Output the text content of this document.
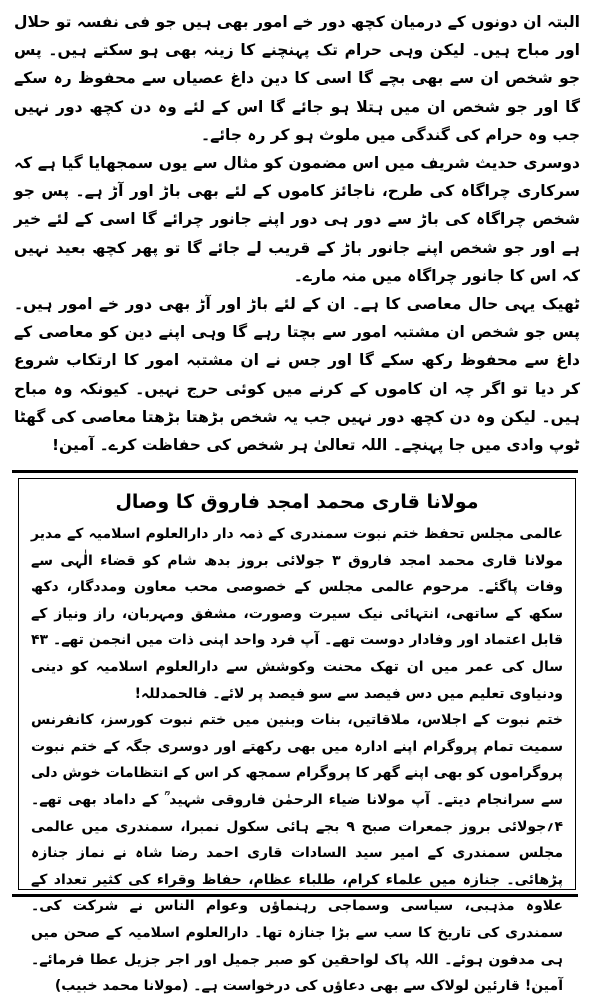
البتہ ان دونوں کے درمیان کچھ دور خے امور بھی ہیں جو فی نفسہ تو حلال اور مباح ہیں۔ لیکن وہی حرام تک پہنچنے کا زینہ بھی ہو سکتے ہیں۔ پس جو شخص ان سے بھی بچے گا اسی کا دین داغ عصیاں سے محفوظ رہ سکے گا اور جو شخص ان میں ہتلا ہو جائے گا اس کے لئے وہ دن کچھ دور نہیں جب وہ حرام کی گندگی میں ملوث ہو کر رہ جائے۔

دوسری حدیث شریف میں اس مضمون کو مثال سے یوں سمجھایا گیا ہے کہ سرکاری چراگاہ کی طرح، ناجائز کاموں کے لئے بھی باڑ اور آڑ ہے۔ پس جو شخص چراگاہ کی باڑ سے دور ہی دور اپنے جانور چرائے گا اسی کے لئے خیر ہے اور جو شخص اپنے جانور باڑ کے قریب لے جائے گا تو پھر کچھ بعید نہیں کہ اس کا جانور چراگاہ میں منہ مارے۔

ٹھیک یہی حال معاصی کا ہے۔ ان کے لئے باڑ اور آڑ بھی دور خے امور ہیں۔ پس جو شخص ان مشتبہ امور سے بچتا رہے گا وہی اپنے دین کو معاصی کے داغ سے محفوظ رکھ سکے گا اور جس نے ان مشتبہ امور کا ارتکاب شروع کر دیا تو اگر چہ ان کاموں کے کرنے میں کوئی حرج نہیں۔ کیونکہ وہ مباح ہیں۔ لیکن وہ دن کچھ دور نہیں جب یہ شخص بڑھتا بڑھتا معاصی کی گھٹا ٹوپ وادی میں جا پہنچے۔ اللہ تعالیٰ ہر شخص کی حفاظت کرے۔ آمین!

مولانا قاری محمد امجد فاروق کا وصال

عالمی مجلس تحفظ ختم نبوت سمندری کے ذمہ دار دارالعلوم اسلامیہ کے مدیر مولانا قاری محمد امجد فاروق ۳ جولائی بروز بدھ شام کو قضاء الٰہی سے وفات پاگئے۔ مرحوم عالمی مجلس کے خصوصی محب معاون ومددگار، دکھ سکھ کے ساتھی، انتہائی نیک سیرت وصورت، مشفق ومہربان، راز ونیاز کے قابل اعتماد اور وفادار دوست تھے۔ آپ فرد واحد اپنی ذات میں انجمن تھے۔ ۴۳ سال کی عمر میں ان تھک محنت وکوشش سے دارالعلوم اسلامیہ کو دینی ودنیاوی تعلیم میں دس فیصد سے سو فیصد پر لائے۔ فالحمدللہ!

ختم نبوت کے اجلاس، ملاقاتیں، بنات وبنین میں ختم نبوت کورسز، کانفرنس سمیت تمام پروگرام اپنے ادارہ میں بھی رکھتے اور دوسری جگہ کے ختم نبوت پروگراموں کو بھی اپنے گھر کا پروگرام سمجھ کر اس کے انتظامات خوش دلی سے سرانجام دیتے۔ آپ مولانا ضیاء الرحمٰن فاروقی شہید ؒ کے داماد بھی تھے۔ ۴؍جولائی بروز جمعرات صبح ۹ بجے ہائی سکول نمبرا، سمندری میں عالمی مجلس سمندری کے امیر سید السادات قاری احمد رضا شاہ نے نماز جنازہ پڑھائی۔ جنازہ میں علماء کرام، طلباء عظام، حفاظ وقراء کی کثیر تعداد کے علاوہ مذہبی، سیاسی وسماجی رہنماؤں وعوام الناس نے شرکت کی۔ سمندری کی تاریخ کا سب سے بڑا جنازہ تھا۔ دارالعلوم اسلامیہ کے صحن میں ہی مدفون ہوئے۔ اللہ پاک لواحقین کو صبر جمیل اور اجر جزیل عطا فرمائے۔ آمین! قارئین لولاک سے بھی دعاؤں کی درخواست ہے۔ (مولانا محمد خبیب)
